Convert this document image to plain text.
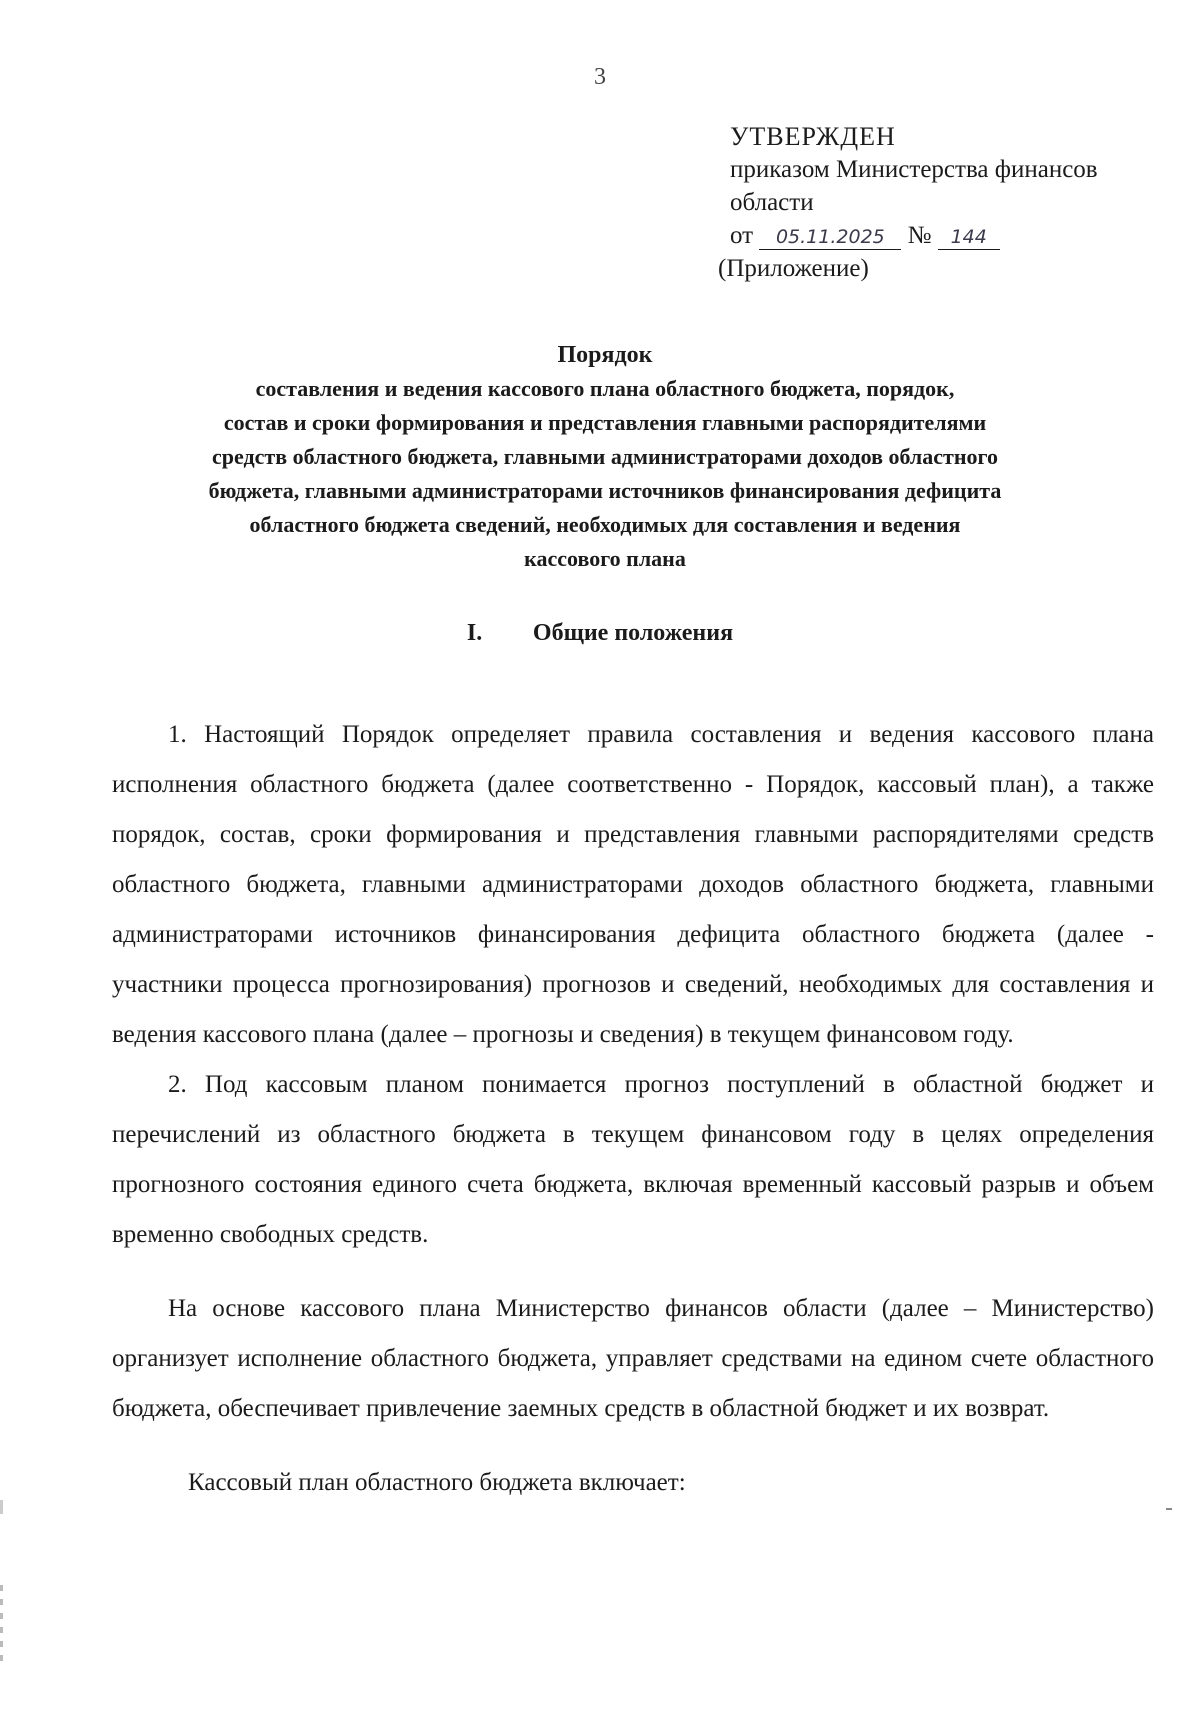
3
УТВЕРЖДЕН
приказом Министерства финансов
области
от 05.11.2025 № 144
(Приложение)
Порядок
составления и ведения кассового плана областного бюджета, порядок,
состав и сроки формирования и представления главными распорядителями
средств областного бюджета, главными администраторами доходов областного
бюджета, главными администраторами источников финансирования дефицита
областного бюджета сведений, необходимых для составления и ведения
кассового плана
I. Общие положения

1. Настоящий Порядок определяет правила составления и ведения кассового плана исполнения областного бюджета (далее соответственно - Порядок, кассовый план), а также порядок, состав, сроки формирования и представления главными распорядителями средств областного бюджета, главными администраторами доходов областного бюджета, главными администраторами источников финансирования дефицита областного бюджета (далее - участники процесса прогнозирования) прогнозов и сведений, необходимых для составления и ведения кассового плана (далее – прогнозы и сведения) в текущем финансовом году.

2. Под кассовым планом понимается прогноз поступлений в областной бюджет и перечислений из областного бюджета в текущем финансовом году в целях определения прогнозного состояния единого счета бюджета, включая временный кассовый разрыв и объем временно свободных средств.

На основе кассового плана Министерство финансов области (далее – Министерство) организует исполнение областного бюджета, управляет средствами на едином счете областного бюджета, обеспечивает привлечение заемных средств в областной бюджет и их возврат.

Кассовый план областного бюджета включает:
